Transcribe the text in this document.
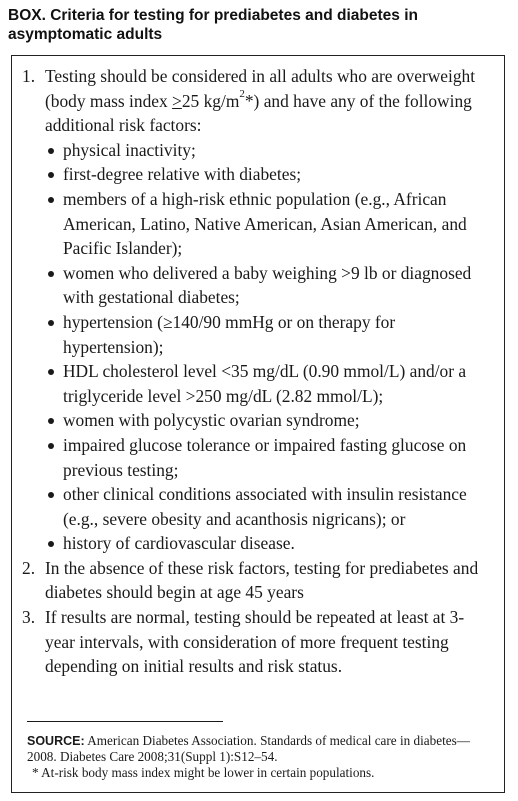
BOX. Criteria for testing for prediabetes and diabetes in asymptomatic adults
1. Testing should be considered in all adults who are overweight (body mass index >25 $kg/m^2*$) and have any of the following additional risk factors:
physical inactivity;
first-degree relative with diabetes;
members of a high-risk ethnic population (e.g., African American, Latino, Native American, Asian American, and Pacific Islander);
women who delivered a baby weighing >9 lb or diagnosed with gestational diabetes;
hypertension (≥140/90 mmHg or on therapy for hypertension);
HDL cholesterol level <35 mg/dL (0.90 mmol/L) and/or a triglyceride level >250 mg/dL (2.82 mmol/L);
women with polycystic ovarian syndrome;
impaired glucose tolerance or impaired fasting glucose on previous testing;
other clinical conditions associated with insulin resistance (e.g., severe obesity and acanthosis nigricans); or
history of cardiovascular disease.
2. In the absence of these risk factors, testing for prediabetes and diabetes should begin at age 45 years
3. If results are normal, testing should be repeated at least at 3-year intervals, with consideration of more frequent testing depending on initial results and risk status.
SOURCE: American Diabetes Association. Standards of medical care in diabetes—2008. Diabetes Care 2008;31(Suppl 1):S12–54.
* At-risk body mass index might be lower in certain populations.
